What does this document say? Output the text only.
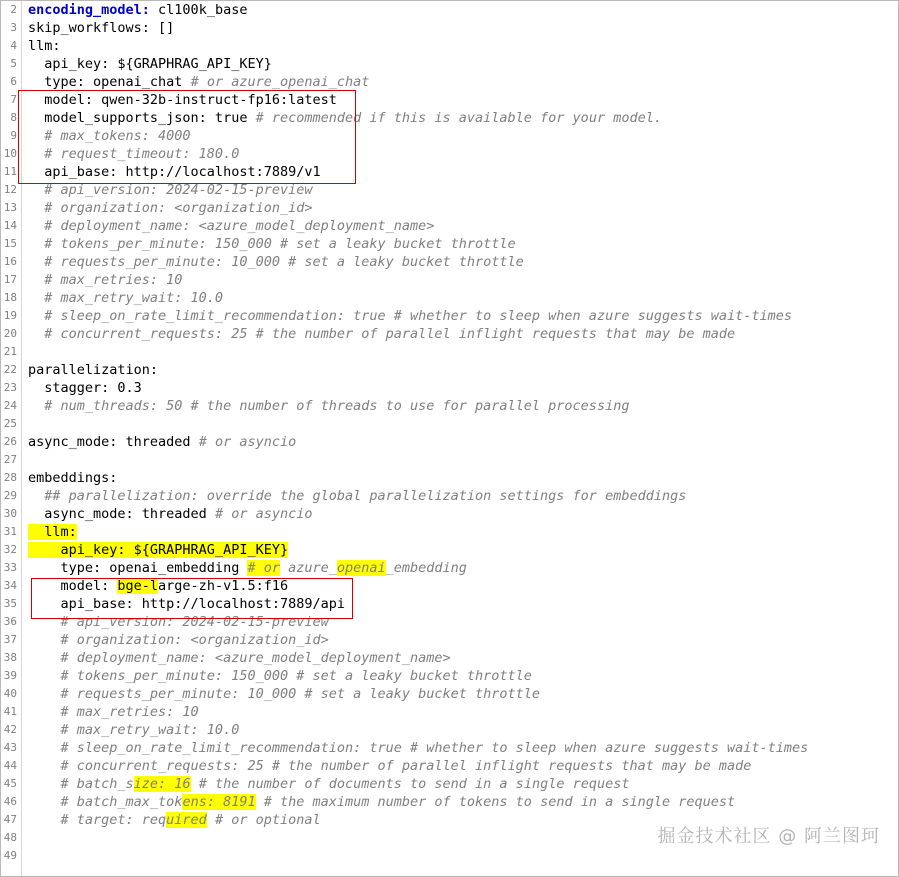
2 encoding_model: cl100k_base
3 skip_workflows: []
4 llm:
5 api_key: ${GRAPHRAG_API_KEY}
6 type: openai_chat # or azure_openai_chat
7 model: qwen-32b-instruct-fp16:latest
8 model_supports_json: true # recommended if this is available for your model.
9 # max_tokens: 4000
10 # request_timeout: 180.0
11 api_base: http://localhost:7889/v1
12 # api_version: 2024-02-15-preview
13 # organization: <organization_id>
14 # deployment_name: <azure_model_deployment_name>
15 # tokens_per_minute: 150_000 # set a leaky bucket throttle
16 # requests_per_minute: 10_000 # set a leaky bucket throttle
17 # max_retries: 10
18 # max_retry_wait: 10.0
19 # sleep_on_rate_limit_recommendation: true # whether to sleep when azure suggests wait-times
20 # concurrent_requests: 25 # the number of parallel inflight requests that may be made
21
22 parallelization:
23 stagger: 0.3
24 # num_threads: 50 # the number of threads to use for parallel processing
25
26 async_mode: threaded # or asyncio
27
28 embeddings:
29 ## parallelization: override the global parallelization settings for embeddings
30 async_mode: threaded # or asyncio
31 llm:
32 api_key: ${GRAPHRAG_API_KEY}
33 type: openai_embedding # or azure_openai_embedding
34 model: bge-large-zh-v1.5:f16
35 api_base: http://localhost:7889/api
36 # api_version: 2024-02-15-preview
37 # organization: <organization_id>
38 # deployment_name: <azure_model_deployment_name>
39 # tokens_per_minute: 150_000 # set a leaky bucket throttle
40 # requests_per_minute: 10_000 # set a leaky bucket throttle
41 # max_retries: 10
42 # max_retry_wait: 10.0
43 # sleep_on_rate_limit_recommendation: true # whether to sleep when azure suggests wait-times
44 # concurrent_requests: 25 # the number of parallel inflight requests that may be made
45 # batch_size: 16 # the number of documents to send in a single request
46 # batch_max_tokens: 8191 # the maximum number of tokens to send in a single request
47 # target: required # or optional
48
49
掘金技术社区 @ 阿兰图珂
